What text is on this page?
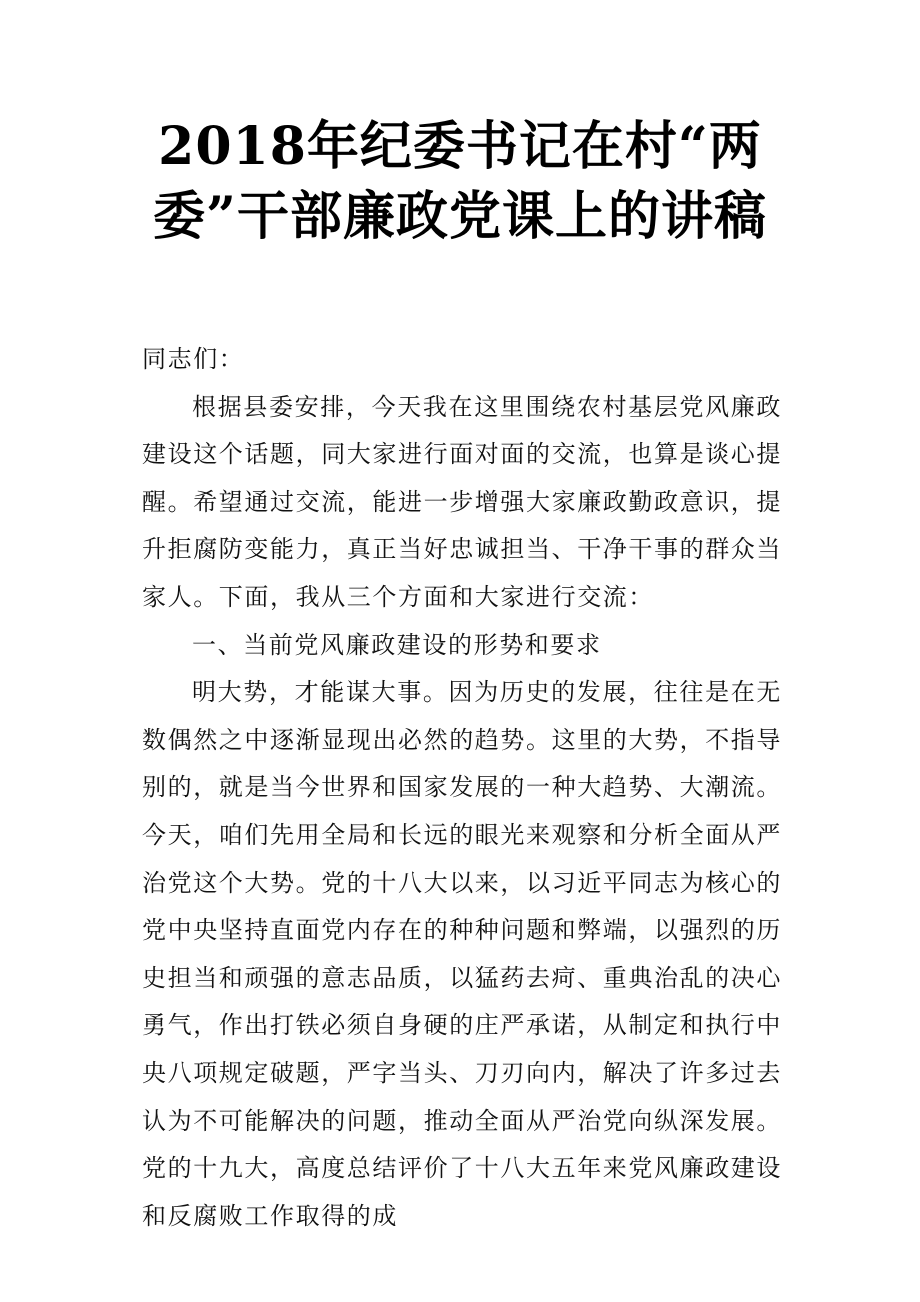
2018年纪委书记在村“两委”干部廉政党课上的讲稿

同志们：

根据县委安排，今天我在这里围绕农村基层党风廉政建设这个话题，同大家进行面对面的交流，也算是谈心提醒。希望通过交流，能进一步增强大家廉政勤政意识，提升拒腐防变能力，真正当好忠诚担当、干净干事的群众当家人。下面，我从三个方面和大家进行交流：

一、当前党风廉政建设的形势和要求

明大势，才能谋大事。因为历史的发展，往往是在无数偶然之中逐渐显现出必然的趋势。这里的大势，不指导别的，就是当今世界和国家发展的一种大趋势、大潮流。今天，咱们先用全局和长远的眼光来观察和分析全面从严治党这个大势。党的十八大以来，以习近平同志为核心的党中央坚持直面党内存在的种种问题和弊端，以强烈的历史担当和顽强的意志品质，以猛药去疴、重典治乱的决心勇气，作出打铁必须自身硬的庄严承诺，从制定和执行中央八项规定破题，严字当头、刀刃向内，解决了许多过去认为不可能解决的问题，推动全面从严治党向纵深发展。党的十九大，高度总结评价了十八大五年来党风廉政建设和反腐败工作取得的成
